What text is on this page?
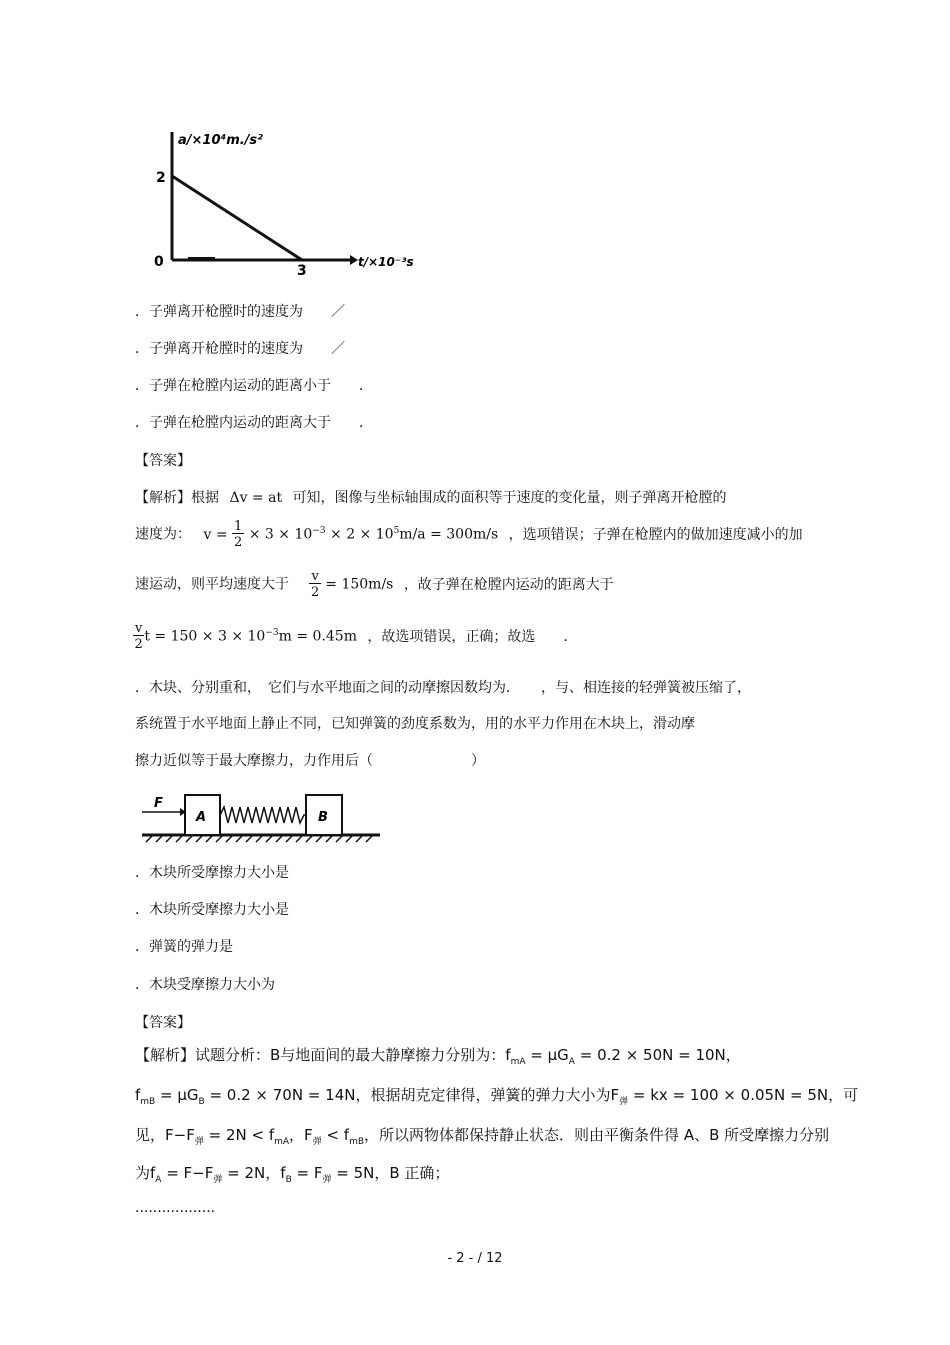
a/×10⁴m./s²
2
0
3
t/×10⁻³s
．子弹离开枪膛时的速度为　　／
．子弹离开枪膛时的速度为　　／
．子弹在枪膛内运动的距离小于　　．
．子弹在枪膛内运动的距离大于　　．
【答案】
【解析】根据 Δv = at 可知，图像与坐标轴围成的面积等于速度的变化量，则子弹离开枪膛的
速度为： $v = \frac{1}{2} \times 3 \times 10^{-3} \times 2 \times 10^5m/a = 300m/s$ ，选项错误；子弹在枪膛内的做加速度减小的加
速运动，则平均速度大于 $\frac{v}{2} = 150m/s$ ，故子弹在枪膛内运动的距离大于
$\frac{v}{2}$ $t = 150 \times 3 \times 10^{-3}m = 0.45m$ ，故选项错误，正确；故选　　．
．木块、分别重和，　它们与水平地面之间的动摩擦因数均为．　　，与、相连接的轻弹簧被压缩了，
系统置于水平地面上静止不同，已知弹簧的劲度系数为，用的水平力作用在木块上，滑动摩
擦力近似等于最大摩擦力，力作用后（　　　　　　　）
F
A	B
．木块所受摩擦力大小是
．木块所受摩擦力大小是
．弹簧的弹力是
．木块受摩擦力大小为
【答案】
【解析】试题分析：B与地面间的最大静摩擦力分别为：$f_{mA} = \mu G_A = 0.2 \times 50N = 10N$，
$f_{mB} = \mu G_B = 0.2 \times 70N = 14N$，根据胡克定律得，弹簧的弹力大小为$F_弹$ = kx = 100 × 0.05N = 5N，可
见，$F-F_弹 = 2N < f_{mA}$，$F_弹 < f_{mB}$，所以两物体都保持静止状态．则由平衡条件得 A、B 所受摩擦力分别
为$f_A = F-F_弹 = 2N$，$f_B = F_弹 = 5N$，B 正确；
..................
- 2 - / 12
